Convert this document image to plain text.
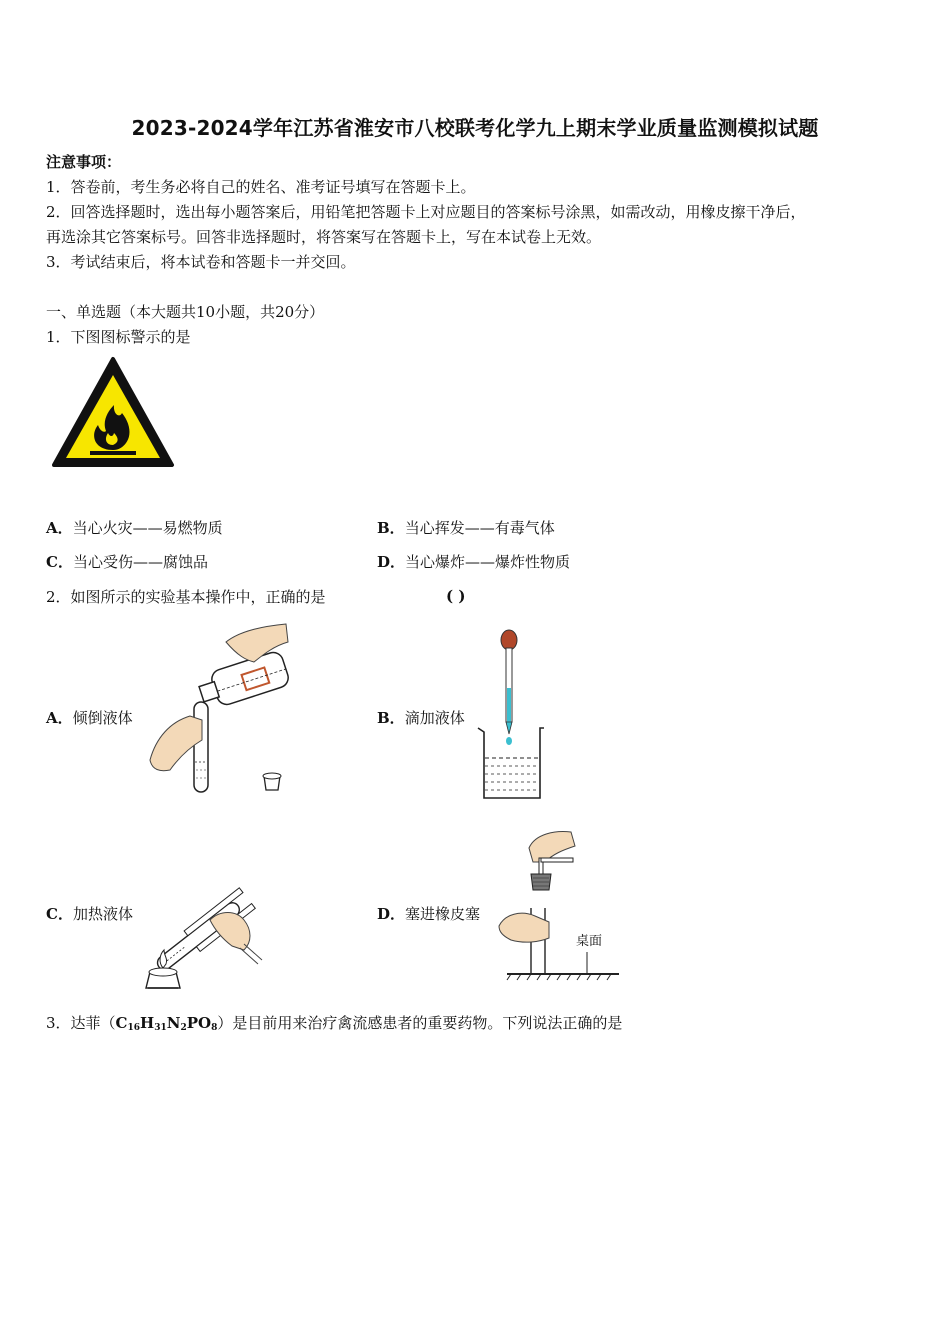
2023-2024学年江苏省淮安市八校联考化学九上期末学业质量监测模拟试题
注意事项：
1．答卷前，考生务必将自己的姓名、准考证号填写在答题卡上。
2．回答选择题时，选出每小题答案后，用铅笔把答题卡上对应题目的答案标号涂黑，如需改动，用橡皮擦干净后，
再选涂其它答案标号。回答非选择题时，将答案写在答题卡上，写在本试卷上无效。
3．考试结束后，将本试卷和答题卡一并交回。
一、单选题（本大题共10小题，共20分）
1．下图图标警示的是
A．当心火灾——易燃物质	B．当心挥发——有毒气体
C．当心受伤——腐蚀品	D．当心爆炸——爆炸性物质
2．如图所示的实验基本操作中，正确的是	( )
A．倾倒液体	B．滴加液体
C．加热液体	D．塞进橡皮塞
桌面
3．达菲$(C_{16}H_{31}N_2PO_8)$是目前用来治疗禽流感患者的重要药物。下列说法正确的是
